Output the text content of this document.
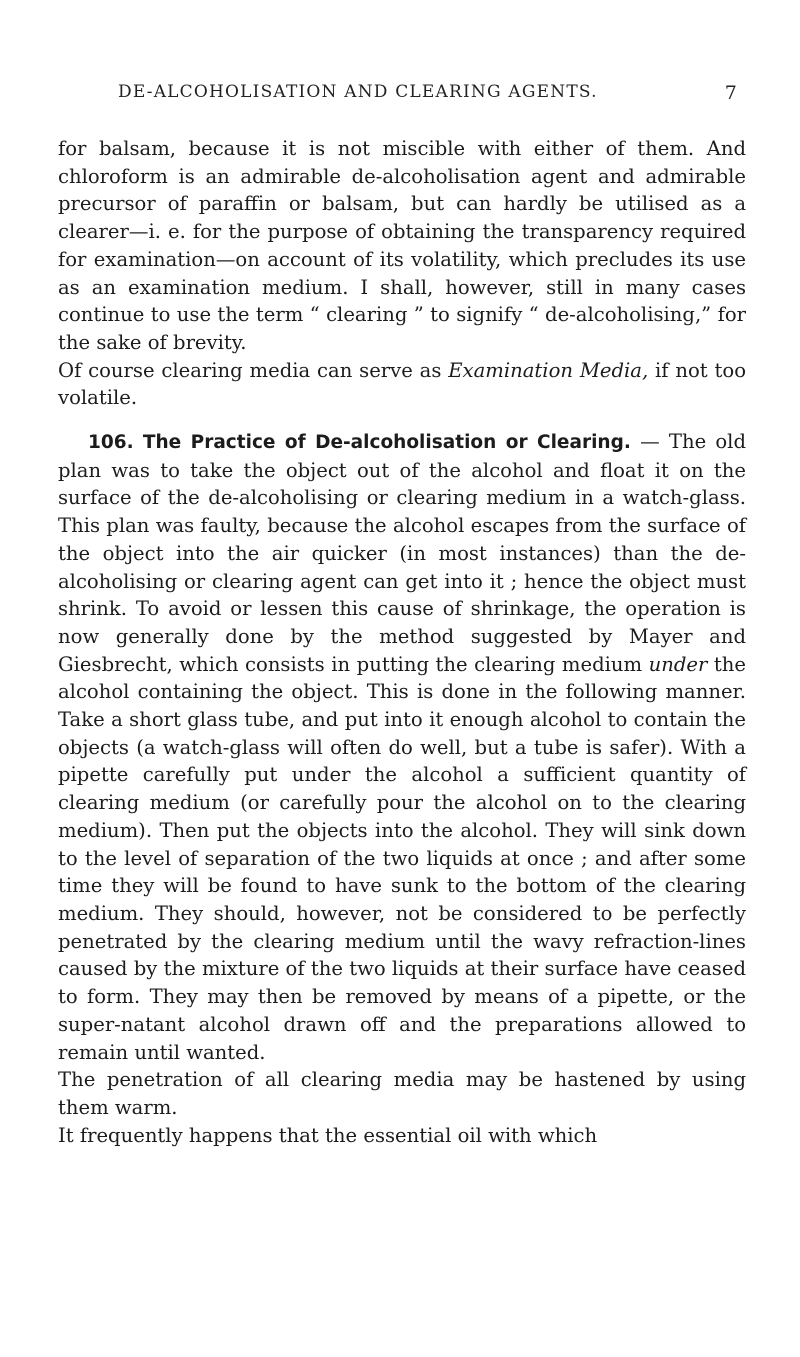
DE-ALCOHOLISATION AND CLEARING AGENTS.	7

for balsam, because it is not miscible with either of them. And chloroform is an admirable de-alcoholisation agent and admirable precursor of paraffin or balsam, but can hardly be utilised as a clearer—i. e. for the purpose of obtaining the transparency required for examination—on account of its volatility, which precludes its use as an examination medium. I shall, however, still in many cases continue to use the term “ clearing ” to signify “ de-alcoholising,” for the sake of brevity.

Of course clearing media can serve as Examination Media, if not too volatile.

106. The Practice of De-alcoholisation or Clearing. — The old plan was to take the object out of the alcohol and float it on the surface of the de-alcoholising or clearing medium in a watch-glass. This plan was faulty, because the alcohol escapes from the surface of the object into the air quicker (in most instances) than the de-alcoholising or clearing agent can get into it ; hence the object must shrink. To avoid or lessen this cause of shrinkage, the operation is now generally done by the method suggested by Mayer and Giesbrecht, which consists in putting the clearing medium under the alcohol containing the object. This is done in the following manner. Take a short glass tube, and put into it enough alcohol to contain the objects (a watch-glass will often do well, but a tube is safer). With a pipette carefully put under the alcohol a sufficient quantity of clearing medium (or carefully pour the alcohol on to the clearing medium). Then put the objects into the alcohol. They will sink down to the level of separation of the two liquids at once ; and after some time they will be found to have sunk to the bottom of the clearing medium. They should, however, not be considered to be perfectly penetrated by the clearing medium until the wavy refraction-lines caused by the mixture of the two liquids at their surface have ceased to form. They may then be removed by means of a pipette, or the super-natant alcohol drawn off and the preparations allowed to remain until wanted.

The penetration of all clearing media may be hastened by using them warm.

It frequently happens that the essential oil with which
